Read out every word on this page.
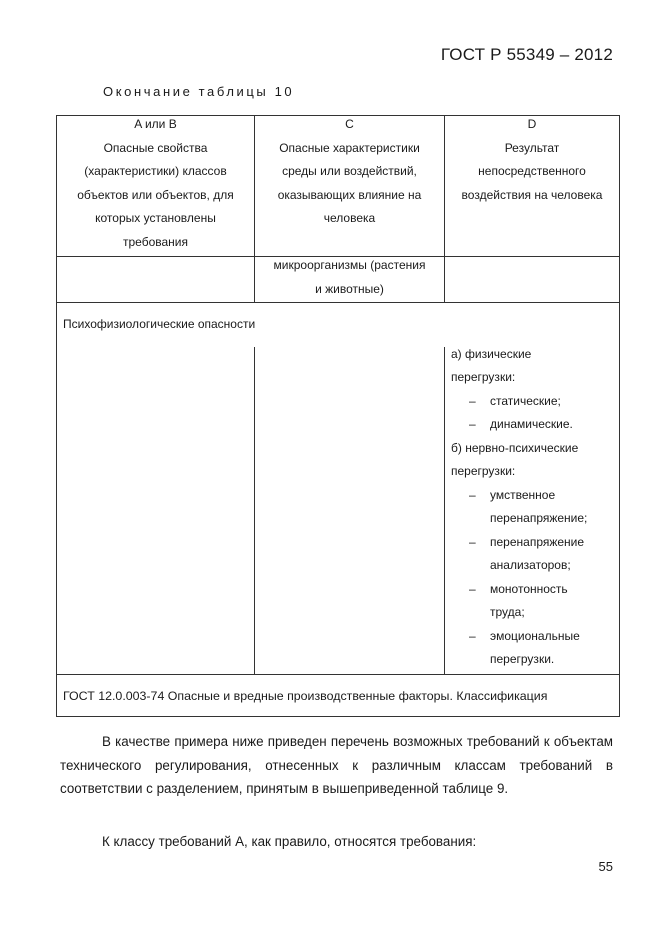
ГОСТ Р 55349 – 2012
Окончание таблицы 10
A или B
Опасные свойства
(характеристики) классов
объектов или объектов, для
которых установлены
требования
C
Опасные характеристики
среды или воздействий,
оказывающих влияние на
человека
D
Результат
непосредственного
воздействия на человека
микроорганизмы (растения
и животные)
Психофизиологические опасности
а) физические
перегрузки:
– статические;
– динамические.
б) нервно-психические
перегрузки:
– умственное
перенапряжение;
– перенапряжение
анализаторов;
– монотонность
труда;
– эмоциональные
перегрузки.
ГОСТ 12.0.003-74 Опасные и вредные производственные факторы. Классификация
В качестве примера ниже приведен перечень возможных требований к объектам технического регулирования, отнесенных к различным классам требований в соответствии с разделением, принятым в вышеприведенной таблице 9.
К классу требований А, как правило, относятся требования:
55
